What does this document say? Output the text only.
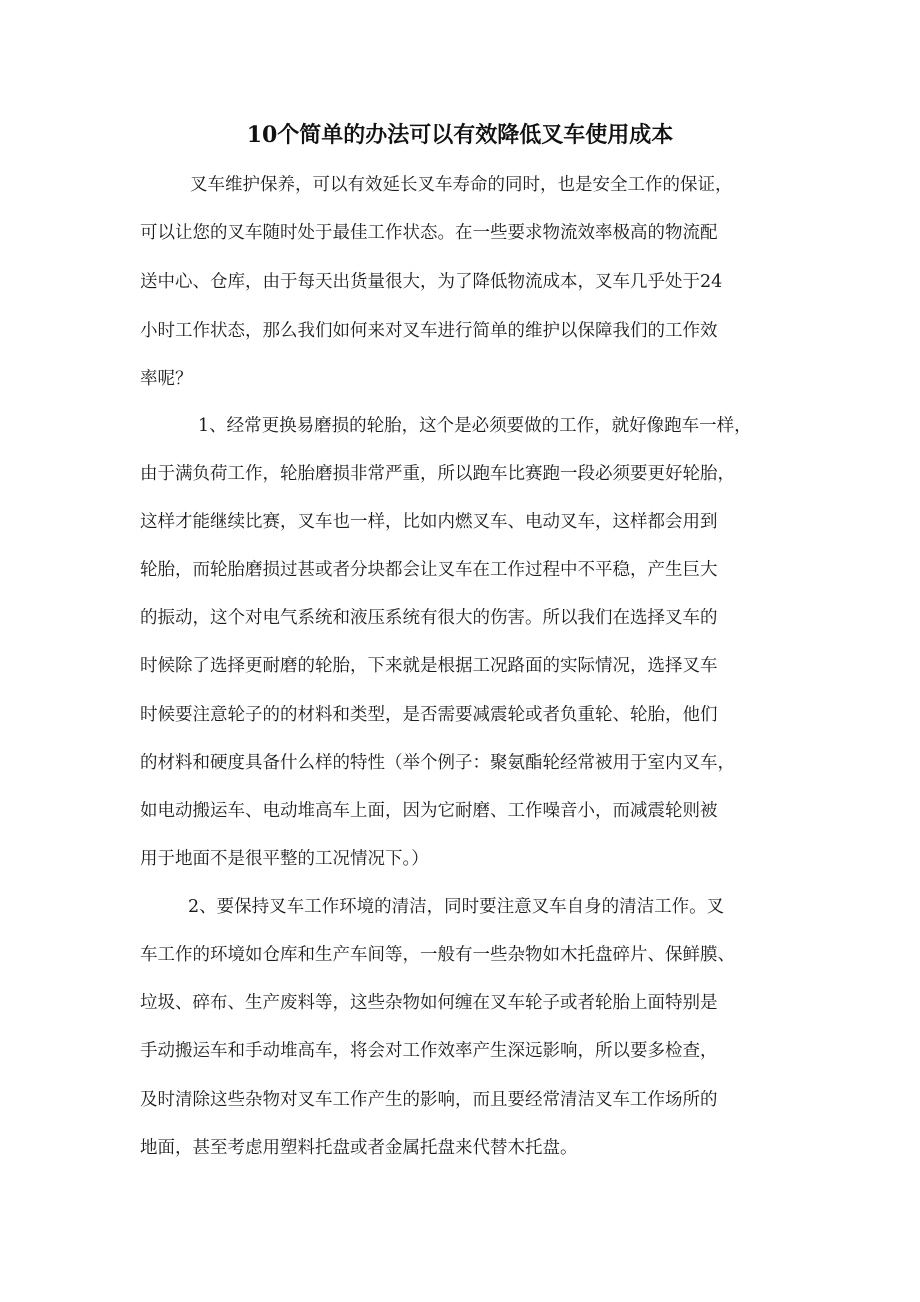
10个简单的办法可以有效降低叉车使用成本

叉车维护保养，可以有效延长叉车寿命的同时，也是安全工作的保证，

可以让您的叉车随时处于最佳工作状态。在一些要求物流效率极高的物流配

送中心、仓库，由于每天出货量很大，为了降低物流成本，叉车几乎处于24

小时工作状态，那么我们如何来对叉车进行简单的维护以保障我们的工作效

率呢？

1、经常更换易磨损的轮胎，这个是必须要做的工作，就好像跑车一样，

由于满负荷工作，轮胎磨损非常严重，所以跑车比赛跑一段必须要更好轮胎，

这样才能继续比赛，叉车也一样，比如内燃叉车、电动叉车，这样都会用到

轮胎，而轮胎磨损过甚或者分块都会让叉车在工作过程中不平稳，产生巨大

的振动，这个对电气系统和液压系统有很大的伤害。所以我们在选择叉车的

时候除了选择更耐磨的轮胎，下来就是根据工况路面的实际情况，选择叉车

时候要注意轮子的的材料和类型，是否需要减震轮或者负重轮、轮胎，他们

的材料和硬度具备什么样的特性（举个例子：聚氨酯轮经常被用于室内叉车，

如电动搬运车、电动堆高车上面，因为它耐磨、工作噪音小，而减震轮则被

用于地面不是很平整的工况情况下。）

2、要保持叉车工作环境的清洁，同时要注意叉车自身的清洁工作。叉

车工作的环境如仓库和生产车间等，一般有一些杂物如木托盘碎片、保鲜膜、

垃圾、碎布、生产废料等，这些杂物如何缠在叉车轮子或者轮胎上面特别是

手动搬运车和手动堆高车，将会对工作效率产生深远影响，所以要多检查，

及时清除这些杂物对叉车工作产生的影响，而且要经常清洁叉车工作场所的

地面，甚至考虑用塑料托盘或者金属托盘来代替木托盘。
